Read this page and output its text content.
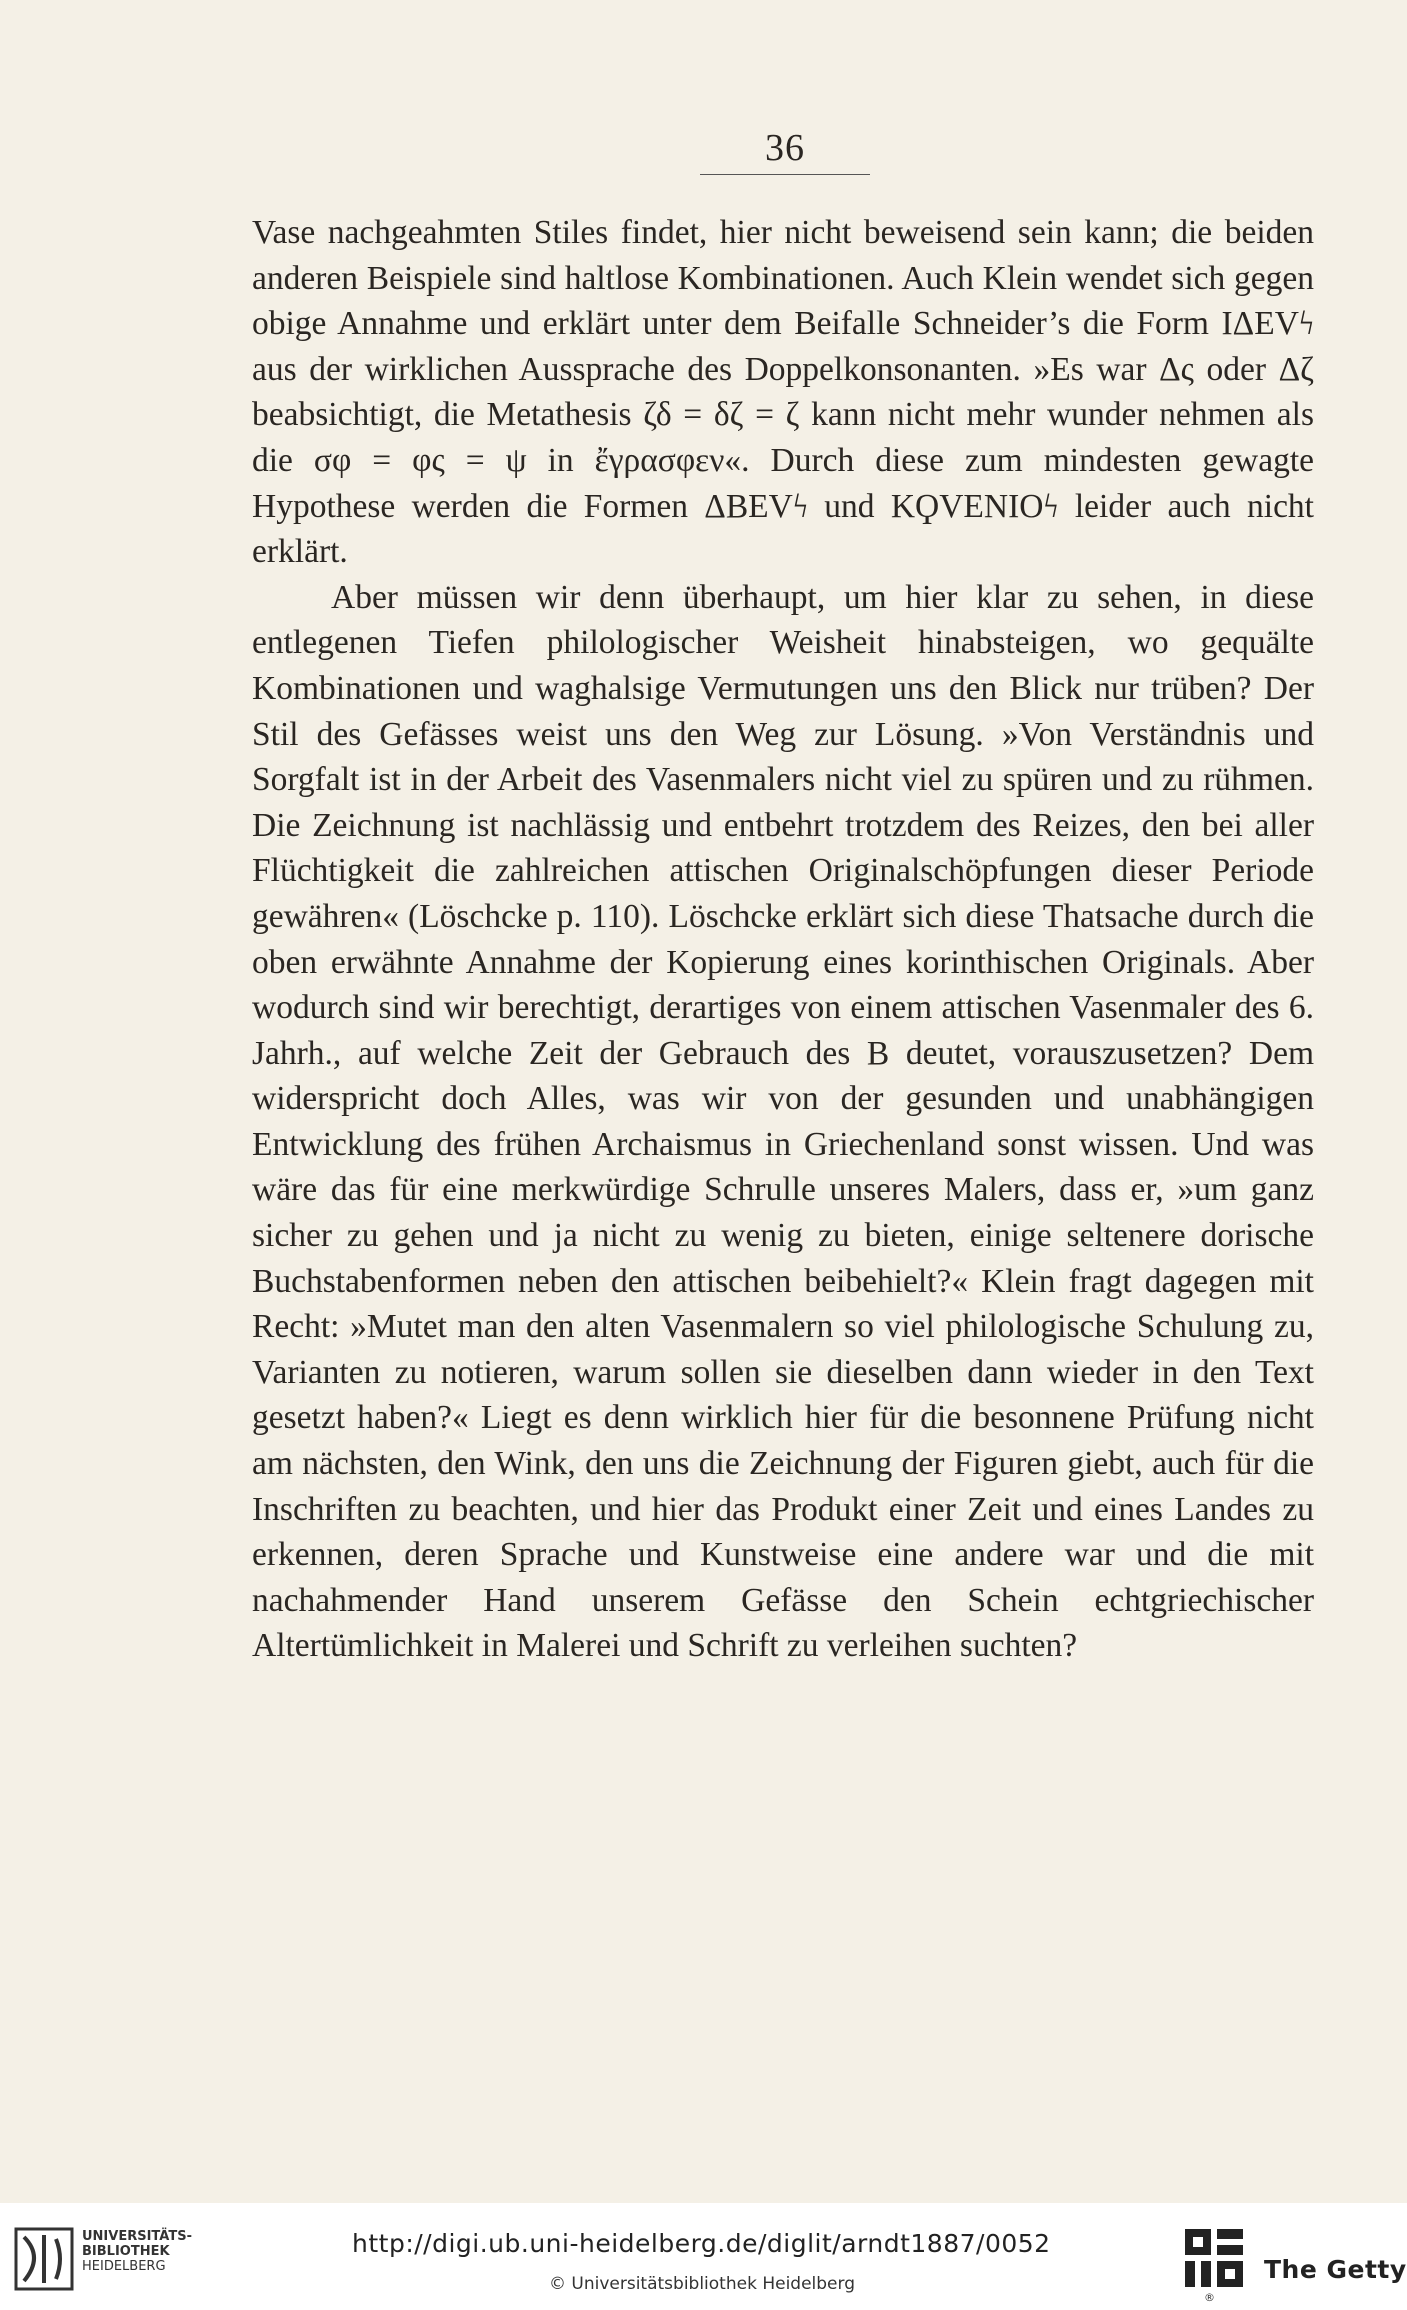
36

Vase nachgeahmten Stiles findet, hier nicht beweisend sein kann; die beiden anderen Beispiele sind haltlose Kombinationen. Auch Klein wendet sich gegen obige Annahme und erklärt unter dem Beifalle Schneider’s die Form ΙΔΕVϟ aus der wirklichen Aussprache des Doppelkonsonanten. »Es war Δς oder Δζ beabsichtigt, die Metathesis ζδ = δζ = ζ kann nicht mehr wunder nehmen als die σφ = φς = ψ in ἔγρασφεν«. Durch diese zum mindesten gewagte Hypothese werden die Formen ΔΒΕVϟ und ΚϘVΕΝΙΟϟ leider auch nicht erklärt.

Aber müssen wir denn überhaupt, um hier klar zu sehen, in diese entlegenen Tiefen philologischer Weisheit hinabsteigen, wo gequälte Kombinationen und waghalsige Vermutungen uns den Blick nur trüben? Der Stil des Gefässes weist uns den Weg zur Lösung. »Von Verständnis und Sorgfalt ist in der Arbeit des Vasenmalers nicht viel zu spüren und zu rühmen. Die Zeichnung ist nachlässig und entbehrt trotzdem des Reizes, den bei aller Flüchtigkeit die zahlreichen attischen Originalschöpfungen dieser Periode gewähren« (Löschcke p. 110). Löschcke erklärt sich diese Thatsache durch die oben erwähnte Annahme der Kopierung eines korinthischen Originals. Aber wodurch sind wir berechtigt, derartiges von einem attischen Vasenmaler des 6. Jahrh., auf welche Zeit der Gebrauch des Β deutet, vorauszusetzen? Dem widerspricht doch Alles, was wir von der gesunden und unabhängigen Entwicklung des frühen Archaismus in Griechenland sonst wissen. Und was wäre das für eine merkwürdige Schrulle unseres Malers, dass er, »um ganz sicher zu gehen und ja nicht zu wenig zu bieten, einige seltenere dorische Buchstabenformen neben den attischen beibehielt?« Klein fragt dagegen mit Recht: »Mutet man den alten Vasenmalern so viel philologische Schulung zu, Varianten zu notieren, warum sollen sie dieselben dann wieder in den Text gesetzt haben?« Liegt es denn wirklich hier für die besonnene Prüfung nicht am nächsten, den Wink, den uns die Zeichnung der Figuren giebt, auch für die Inschriften zu beachten, und hier das Produkt einer Zeit und eines Landes zu erkennen, deren Sprache und Kunstweise eine andere war und die mit nachahmender Hand unserem Gefässe den Schein echtgriechischer Altertümlichkeit in Malerei und Schrift zu verleihen suchten?

UNIVERSITÄTS-
BIBLIOTHEK
HEIDELBERG
http://digi.ub.uni-heidelberg.de/diglit/arndt1887/0052
© Universitätsbibliothek Heidelberg
®
The Getty
